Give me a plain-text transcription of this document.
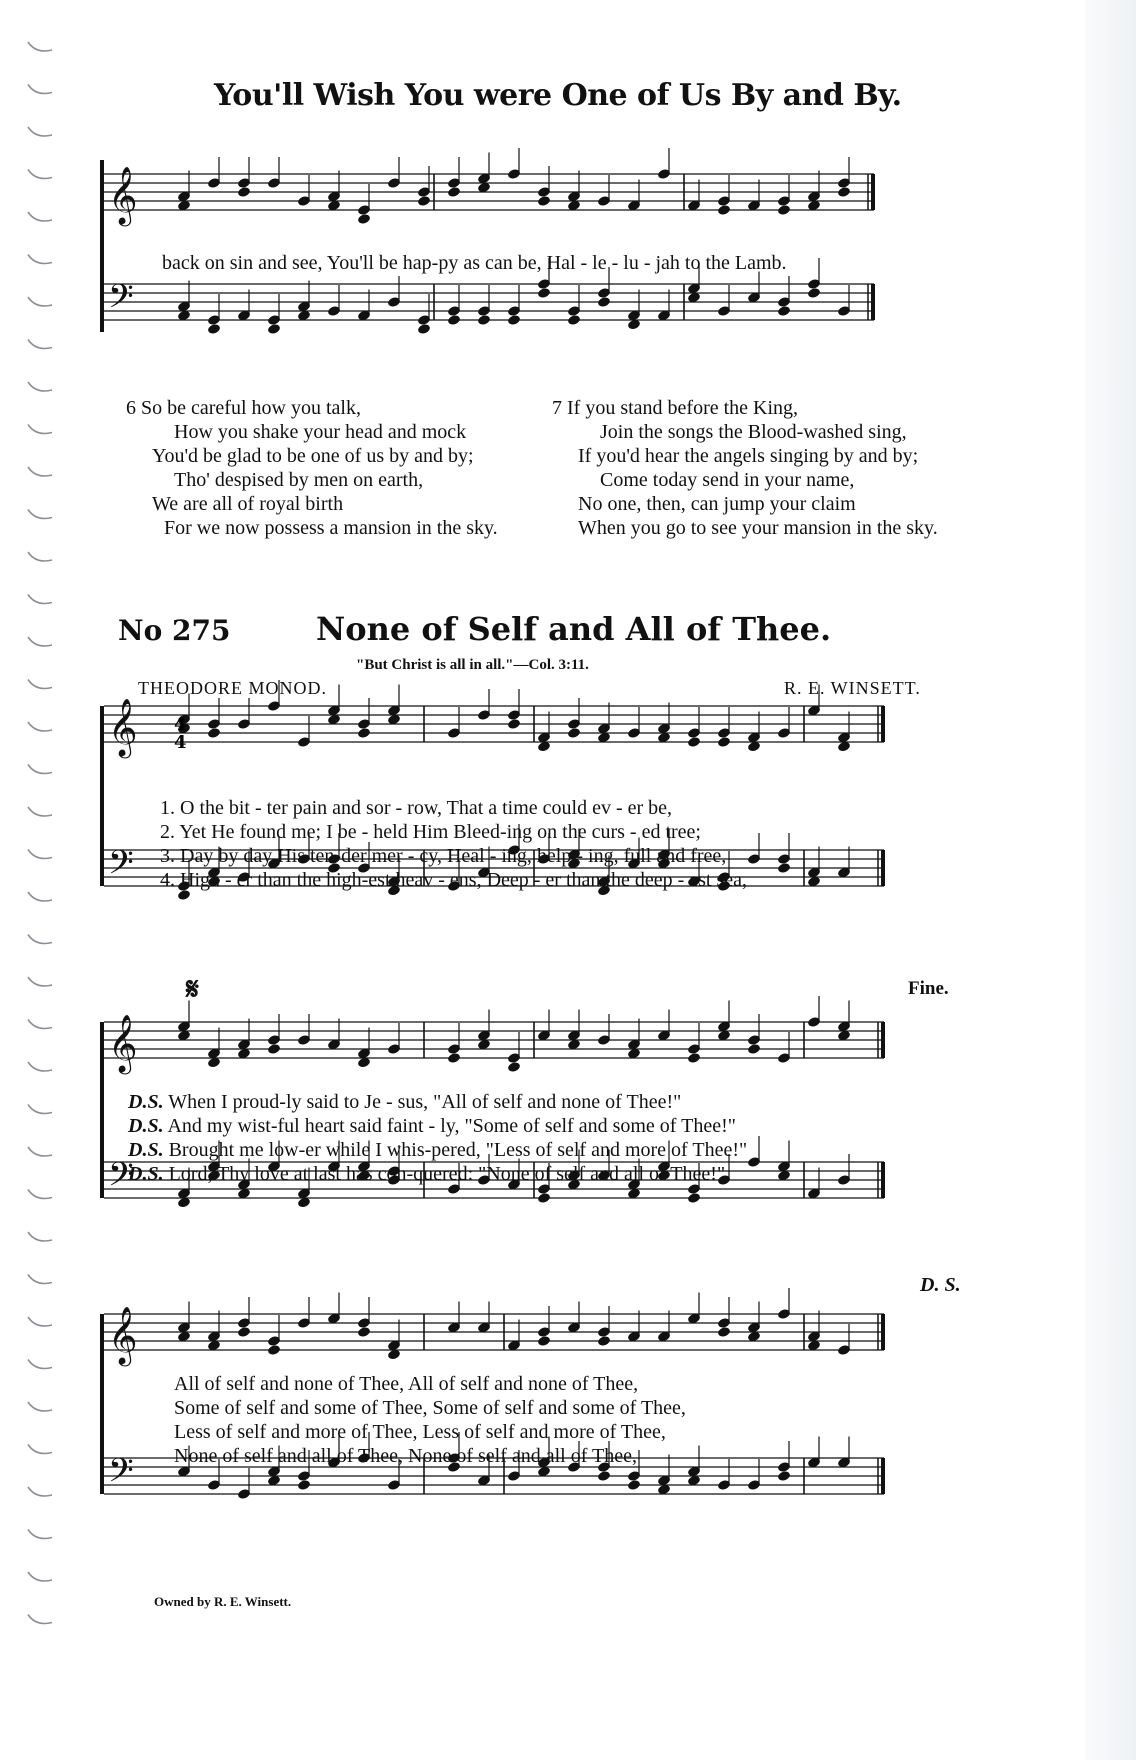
You'll Wish You were One of Us By and By.
𝄞
𝄢
back on sin and see, You'll be hap-py as can be, Hal - le - lu - jah to the Lamb.
6 So be careful how you talk,
How you shake your head and mock
You'd be glad to be one of us by and by;
Tho' despised by men on earth,
We are all of royal birth
For we now possess a mansion in the sky.
7 If you stand before the King,
Join the songs the Blood-washed sing,
If you'd hear the angels singing by and by;
Come today send in your name,
No one, then, can jump your claim
When you go to see your mansion in the sky.
No 275	None of Self and All of Thee.
"But Christ is all in all."—Col. 3:11.
THEODORE MONOD.	R. E. WINSETT.
𝄞
𝄢
4
4
1. O the bit - ter pain and sor - row, That a time could ev - er be,
2. Yet He found me; I be - held Him Bleed-ing on the curs - ed tree;
3. Day by day His ten-der mer - cy, Heal - ing, help - ing, full and free,
4. High - er than the high-est heav - ens, Deep - er than the deep - est sea,
𝄋	Fine.
𝄞
𝄢
D.S. When I proud-ly said to Je - sus, "All of self and none of Thee!"
D.S. And my wist-ful heart said faint - ly, "Some of self and some of Thee!"
D.S. Brought me low-er while I whis-pered, "Less of self and more of Thee!"
D.S. Lord, Thy love at last has con-quered: "None of self and all of Thee!"
D. S.
𝄞
𝄢
All of self and none of Thee, All of self and none of Thee,
Some of self and some of Thee, Some of self and some of Thee,
Less of self and more of Thee, Less of self and more of Thee,
None of self and all of Thee, None of self and all of Thee,
Owned by R. E. Winsett.
